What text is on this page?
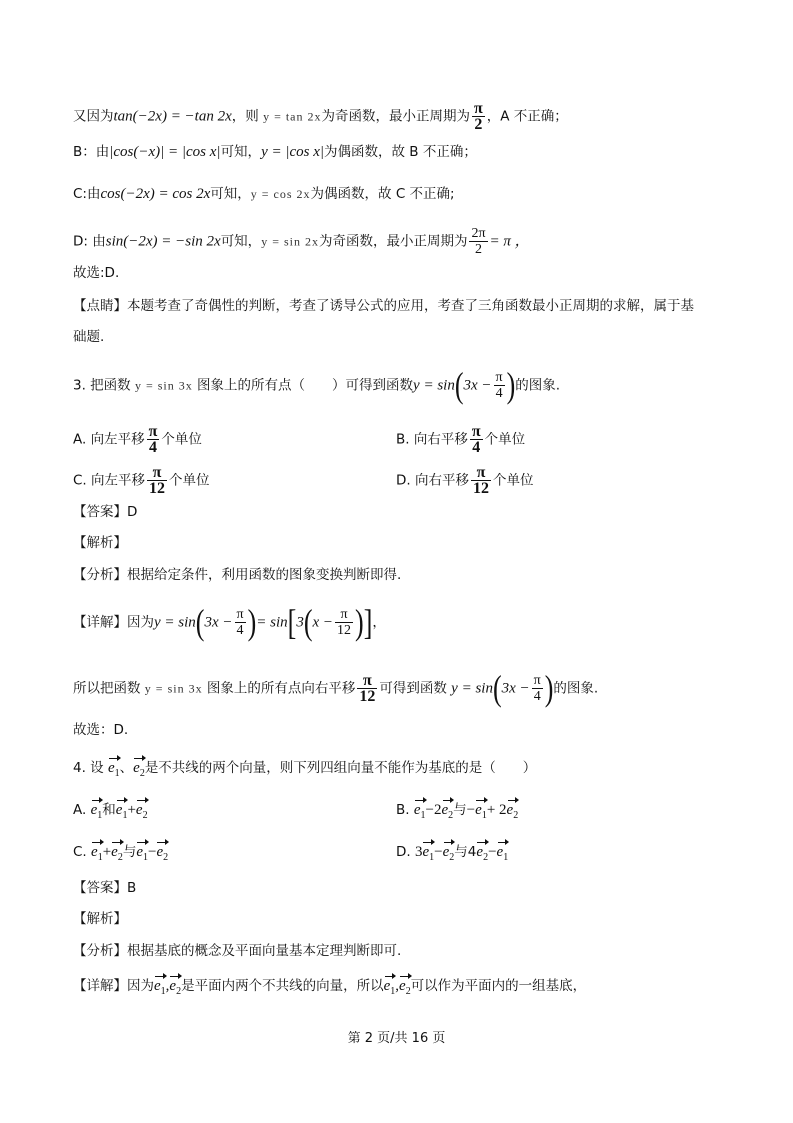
又因为tan(−2x) = −tan 2x，则 y = tan 2x为奇函数，最小正周期为 $\frac{\pi}{2}$ ，A 不正确；
B：由|cos(−x)| = |cos x|可知，y = |cos x|为偶函数，故 B 不正确；
C:由cos(−2x) = cos 2x可知，y = cos 2x为偶函数，故 C 不正确;
D: 由sin(−2x) = −sin 2x可知，y = sin 2x为奇函数，最小正周期为 $\frac{2\pi}{2} = \pi$ ，
故选:D.
【点睛】本题考查了奇偶性的判断，考查了诱导公式的应用，考查了三角函数最小正周期的求解，属于基
础题.
3. 把函数 y = sin 3x 图象上的所有点（　　）可得到函数$y = \sin(3x - \frac{\pi}{4}$ )的图象.
A. 向左平移 $\frac{\pi}{4}$ 个单位	B. 向右平移 $\frac{\pi}{4}$ 个单位
C. 向左平移 $\frac{\pi}{12}$ 个单位	D. 向右平移 $\frac{\pi}{12}$ 个单位
【答案】D
【解析】
【分析】根据给定条件，利用函数的图象变换判断即得.
【详解】因为$y = \sin(3x - \frac{\pi}{4}$ )= $\sin[3(x - \frac{\pi}{12}$ )]，
所以把函数 y = sin 3x 图象上的所有点向右平移 $\frac{\pi}{12}$ 可得到函数 $y = \sin(3x - \frac{\pi}{4}$ )的图象.
故选：D.
4. 设 $e_1$、$e_2$是不共线的两个向量，则下列四组向量不能作为基底的是（　　）
A. $e_1$和$e_1+e_2$	B. $e_1-2e_2$与$-e_1+ 2e_2$
C. $e_1+e_2$与$e_1-e_2$	D. $3e_1-e_2$与$4e_2-e_1$
【答案】B
【解析】
【分析】根据基底的概念及平面向量基本定理判断即可.
【详解】因为$e_1,e_2$是平面内两个不共线的向量，所以$e_1,e_2$可以作为平面内的一组基底，
第 2 页/共 16 页
